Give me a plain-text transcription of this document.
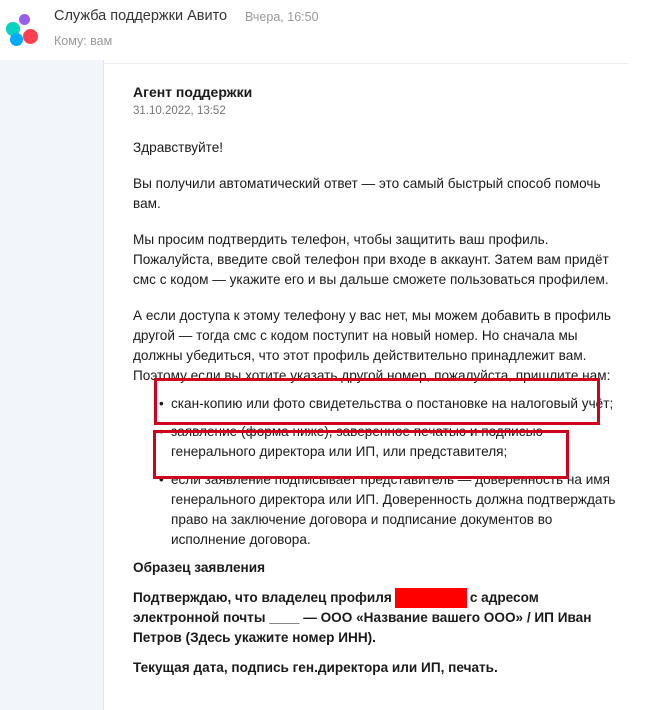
Служба поддержки Авито Вчера, 16:50
Кому: вам

Агент поддержки

31.10.2022, 13:52

Здравствуйте!

Вы получили автоматический ответ — это самый быстрый способ помочь вам.

Мы просим подтвердить телефон, чтобы защитить ваш профиль. Пожалуйста, введите свой телефон при входе в аккаунт. Затем вам придёт смс с кодом — укажите его и вы дальше сможете пользоваться профилем.

А если доступа к этому телефону у вас нет, мы можем добавить в профиль другой — тогда смс с кодом поступит на новый номер. Но сначала мы должны убедиться, что этот профиль действительно принадлежит вам. Поэтому если вы хотите указать другой номер, пожалуйста, пришлите нам:

• скан-копию или фото свидетельства о постановке на налоговый учёт;
• заявление (форма ниже), заверенное печатью и подписью генерального директора или ИП, или представителя;
• если заявление подписывает представитель — доверенность на имя генерального директора или ИП. Доверенность должна подтверждать право на заключение договора и подписание документов во исполнение договора.

Образец заявления

Подтверждаю, что владелец профиля	с адресом электронной почты ____ — ООО «Название вашего ООО» / ИП Иван Петров (Здесь укажите номер ИНН).

Текущая дата, подпись ген.директора или ИП, печать.
